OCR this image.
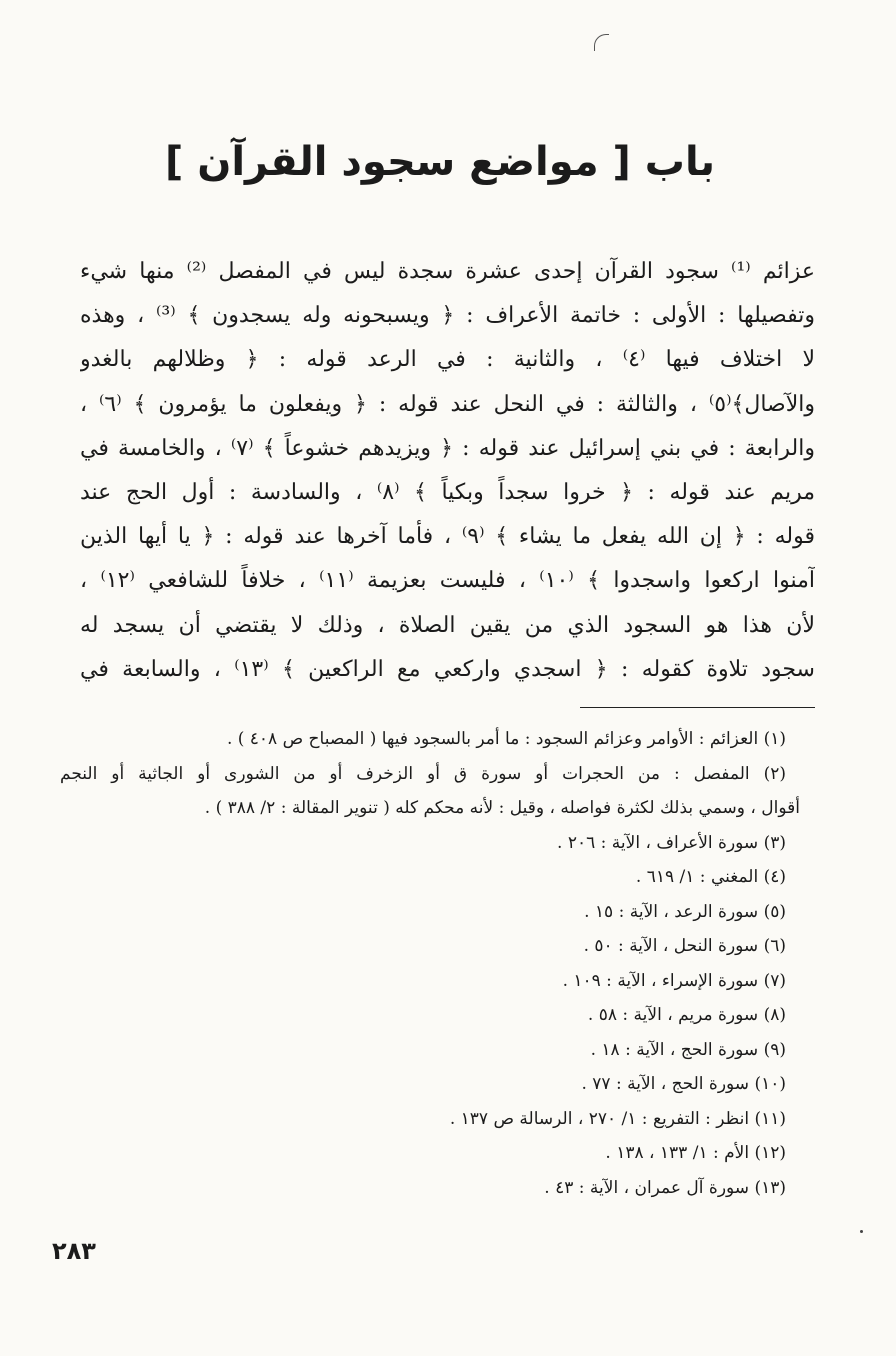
باب [ مواضع سجود القرآن ]
عزائم ⁽¹⁾ سجود القرآن إحدى عشرة سجدة ليس في المفصل ⁽²⁾ منها شيء
وتفصيلها : الأولى : خاتمة الأعراف : ﴿ ويسبحونه وله يسجدون ﴾ ⁽³⁾ ، وهذه
لا اختلاف فيها ⁽٤⁾ ، والثانية : في الرعد قوله : ﴿ وظلالهم بالغدو
والآصال﴾⁽٥⁾ ، والثالثة : في النحل عند قوله : ﴿ ويفعلون ما يؤمرون ﴾ ⁽٦⁾ ،
والرابعة : في بني إسرائيل عند قوله : ﴿ ويزيدهم خشوعاً ﴾ ⁽٧⁾ ، والخامسة في
مريم عند قوله : ﴿ خروا سجداً وبكياً ﴾ ⁽٨⁾ ، والسادسة : أول الحج عند
قوله : ﴿ إن الله يفعل ما يشاء ﴾ ⁽٩⁾ ، فأما آخرها عند قوله : ﴿ يا أيها الذين
آمنوا اركعوا واسجدوا ﴾ ⁽١٠⁾ ، فليست بعزيمة ⁽١١⁾ ، خلافاً للشافعي ⁽١٢⁾ ،
لأن هذا هو السجود الذي من يقين الصلاة ، وذلك لا يقتضي أن يسجد له
سجود تلاوة كقوله : ﴿ اسجدي واركعي مع الراكعين ﴾ ⁽١٣⁾ ، والسابعة في
(١) العزائم : الأوامر وعزائم السجود : ما أمر بالسجود فيها ( المصباح ص ٤٠٨ ) .
(٢) المفصل : من الحجرات أو سورة ق أو الزخرف أو من الشورى أو الجاثية أو النجم
أقوال ، وسمي بذلك لكثرة فواصله ، وقيل : لأنه محكم كله ( تنوير المقالة : ٢/ ٣٨٨ ) .
(٣) سورة الأعراف ، الآية : ٢٠٦ .
(٤) المغني : ١/ ٦١٩ .
(٥) سورة الرعد ، الآية : ١٥ .
(٦) سورة النحل ، الآية : ٥٠ .
(٧) سورة الإسراء ، الآية : ١٠٩ .
(٨) سورة مريم ، الآية : ٥٨ .
(٩) سورة الحج ، الآية : ١٨ .
(١٠) سورة الحج ، الآية : ٧٧ .
(١١) انظر : التفريع : ١/ ٢٧٠ ، الرسالة ص ١٣٧ .
(١٢) الأم : ١/ ١٣٣ ، ١٣٨ .
(١٣) سورة آل عمران ، الآية : ٤٣ .
٢٨٣
